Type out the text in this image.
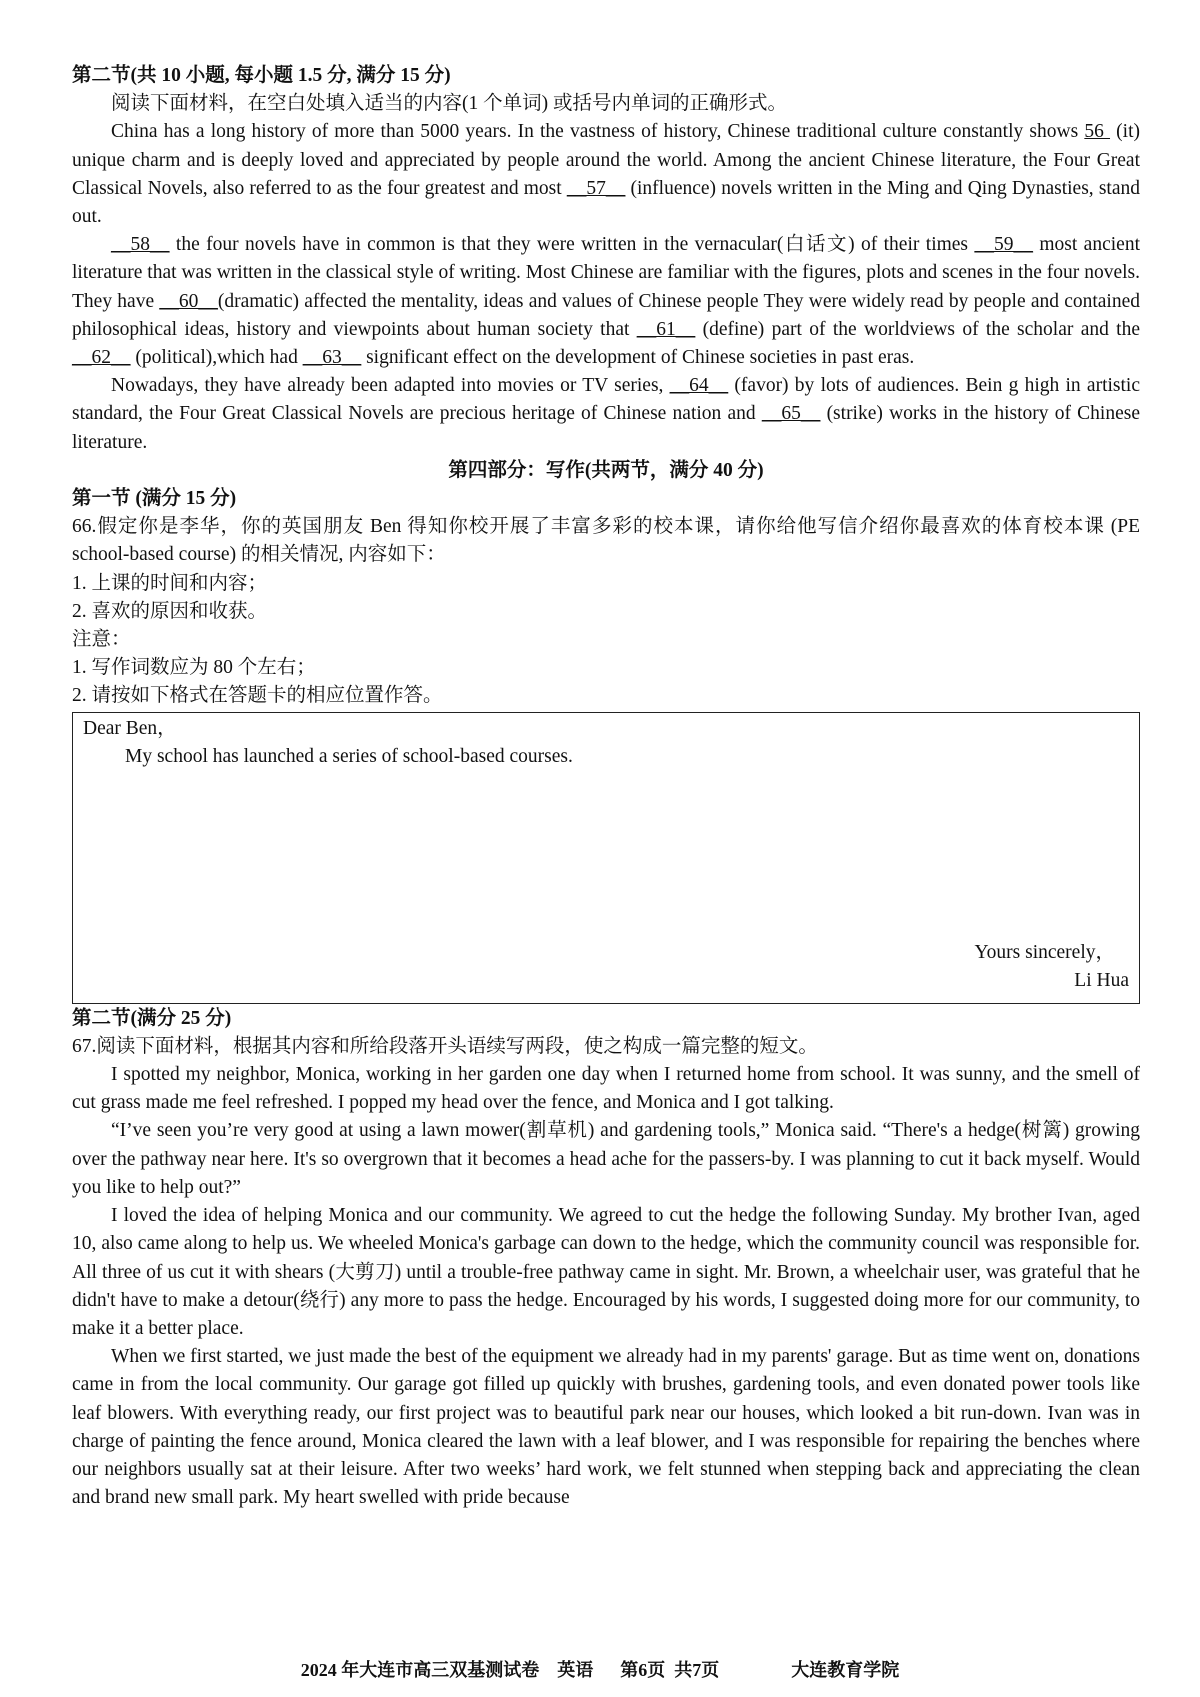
第二节(共 10 小题, 每小题 1.5 分, 满分 15 分)
阅读下面材料，在空白处填入适当的内容(1 个单词) 或括号内单词的正确形式。
China has a long history of more than 5000 years. In the vastness of history, Chinese traditional culture constantly shows 56  (it) unique charm and is deeply loved and appreciated by people around the world. Among the ancient Chinese literature, the Four Great Classical Novels, also referred to as the four greatest and most __57__ (influence) novels written in the Ming and Qing Dynasties, stand out.
__58__ the four novels have in common is that they were written in the vernacular(白话文) of their times __59__ most ancient literature that was written in the classical style of writing. Most Chinese are familiar with the figures, plots and scenes in the four novels. They have __60__(dramatic) affected the mentality, ideas and values of Chinese people They were widely read by people and contained philosophical ideas, history and viewpoints about human society that __61__ (define) part of the worldviews of the scholar and the __62__ (political),which had __63__ significant effect on the development of Chinese societies in past eras.
Nowadays, they have already been adapted into movies or TV series, __64__ (favor) by lots of audiences. Bein g high in artistic standard, the Four Great Classical Novels are precious heritage of Chinese nation and __65__ (strike) works in the history of Chinese literature.
第四部分：写作(共两节，满分 40 分)
第一节 (满分 15 分)
66.假定你是李华，你的英国朋友 Ben 得知你校开展了丰富多彩的校本课，请你给他写信介绍你最喜欢的体育校本课 (PE school-based course) 的相关情况, 内容如下：
1. 上课的时间和内容；
2. 喜欢的原因和收获。
注意：
1. 写作词数应为 80 个左右；
2. 请按如下格式在答题卡的相应位置作答。
Dear Ben，
My school has launched a series of school-based courses.
Yours sincerely，
Li Hua
第二节(满分 25 分)
67.阅读下面材料，根据其内容和所给段落开头语续写两段，使之构成一篇完整的短文。
I spotted my neighbor, Monica, working in her garden one day when I returned home from school. It was sunny, and the smell of cut grass made me feel refreshed. I popped my head over the fence, and Monica and I got talking.
“I’ve seen you’re very good at using a lawn mower(割草机) and gardening tools,” Monica said. “There's a hedge(树篱) growing over the pathway near here. It's so overgrown that it becomes a head ache for the passers-by. I was planning to cut it back myself. Would you like to help out?”
I loved the idea of helping Monica and our community. We agreed to cut the hedge the following Sunday. My brother Ivan, aged 10, also came along to help us. We wheeled Monica's garbage can down to the hedge, which the community council was responsible for. All three of us cut it with shears (大剪刀) until a trouble-free pathway came in sight. Mr. Brown, a wheelchair user, was grateful that he didn't have to make a detour(绕行) any more to pass the hedge. Encouraged by his words, I suggested doing more for our community, to make it a better place.
When we first started, we just made the best of the equipment we already had in my parents' garage. But as time went on, donations came in from the local community. Our garage got filled up quickly with brushes, gardening tools, and even donated power tools like leaf blowers. With everything ready, our first project was to beautiful park near our houses, which looked a bit run-down. Ivan was in charge of painting the fence around, Monica cleared the lawn with a leaf blower, and I was responsible for repairing the benches where our neighbors usually sat at their leisure. After two weeks’ hard work, we felt stunned when stepping back and appreciating the clean and brand new small park. My heart swelled with pride because
2024 年大连市高三双基测试卷    英语      第6页  共7页                大连教育学院
